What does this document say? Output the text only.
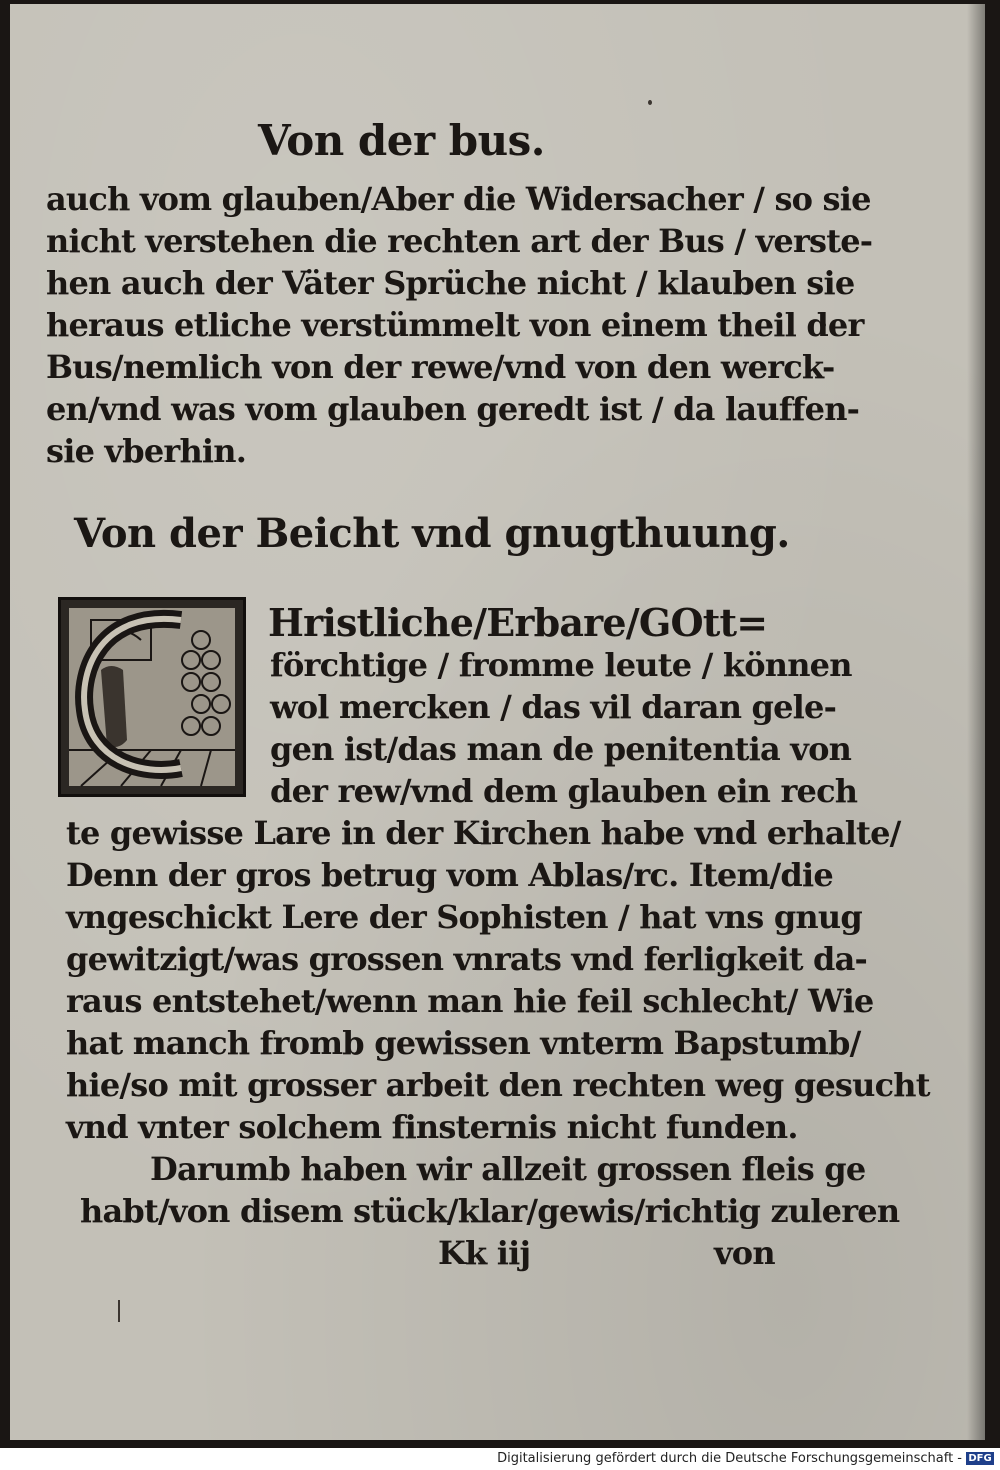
Von der bus.
auch vom glauben/Aber die Widersacher / so sie
nicht verstehen die rechten art der Bus / verste-
hen auch der Väter Sprüche nicht / klauben sie
heraus etliche verstümmelt von einem theil der
Bus/nemlich von der rewe/vnd von den werck-
en/vnd was vom glauben geredt ist / da lauffen-
sie vberhin.
Von der Beicht vnd gnugthuung.
Hristliche/Erbare/GOtt=
förchtige / fromme leute / können
wol mercken / das vil daran gele-
gen ist/das man de penitentia von
der rew/vnd dem glauben ein rech
te gewisse Lare in der Kirchen habe vnd erhalte/
Denn der gros betrug vom Ablas/rc. Item/die
vngeschickt Lere der Sophisten / hat vns gnug
gewitzigt/was grossen vnrats vnd ferligkeit da-
raus entstehet/wenn man hie feil schlecht/ Wie
hat manch fromb gewissen vnterm Bapstumb/
hie/so mit grosser arbeit den rechten weg gesucht
vnd vnter solchem finsternis nicht funden.
Darumb haben wir allzeit grossen fleis ge
habt/von disem stück/klar/gewis/richtig zuleren
Kk iij	von
Digitalisierung gefördert durch die Deutsche Forschungsgemeinschaft - DFG
